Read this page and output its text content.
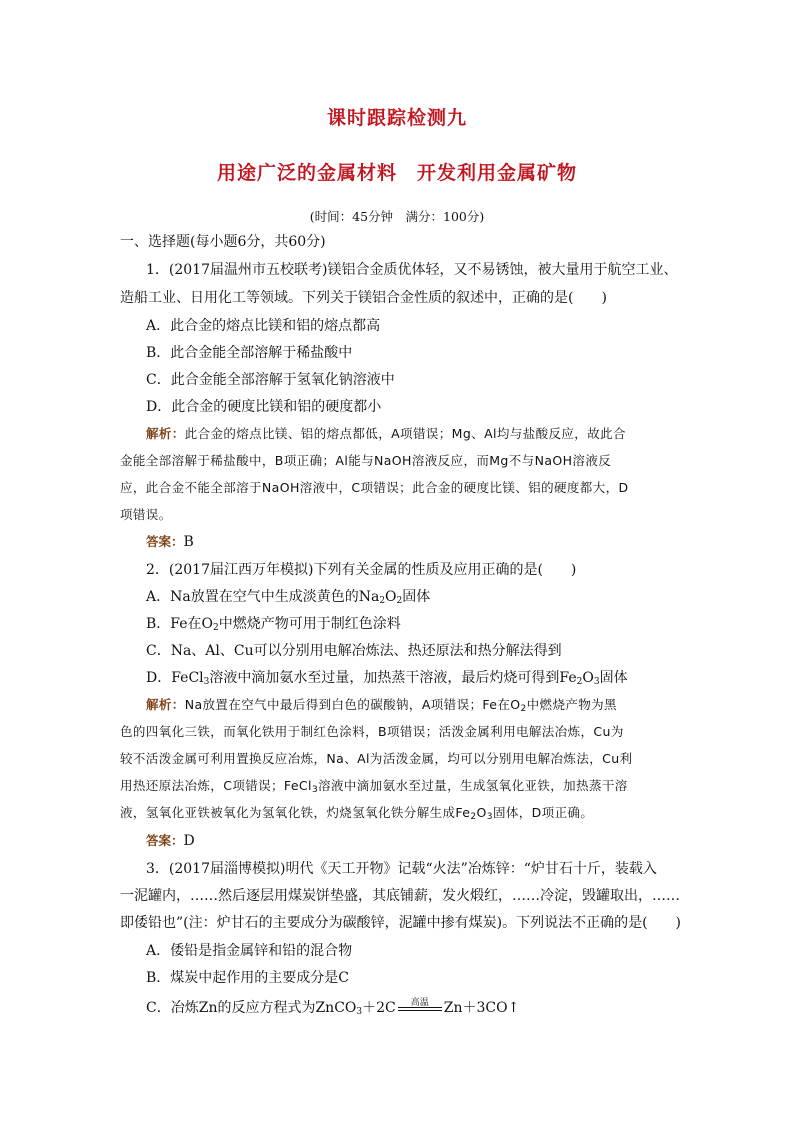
课时跟踪检测九
用途广泛的金属材料　开发利用金属矿物
(时间：45分钟　满分：100分)
一、选择题(每小题6分，共60分)
1．(2017届温州市五校联考)镁铝合金质优体轻，又不易锈蚀，被大量用于航空工业、
造船工业、日用化工等领域。下列关于镁铝合金性质的叙述中，正确的是(　　)
A．此合金的熔点比镁和铝的熔点都高
B．此合金能全部溶解于稀盐酸中
C．此合金能全部溶解于氢氧化钠溶液中
D．此合金的硬度比镁和铝的硬度都小
解析：此合金的熔点比镁、铝的熔点都低，A项错误；Mg、Al均与盐酸反应，故此合
金能全部溶解于稀盐酸中，B项正确；Al能与NaOH溶液反应，而Mg不与NaOH溶液反
应，此合金不能全部溶于NaOH溶液中，C项错误；此合金的硬度比镁、铝的硬度都大，D
项错误。
答案：B
2．(2017届江西万年模拟)下列有关金属的性质及应用正确的是(　　)
A．Na放置在空气中生成淡黄色的$Na_2O_2$固体
B．Fe在$O_2$中燃烧产物可用于制红色涂料
C．Na、Al、Cu可以分别用电解冶炼法、热还原法和热分解法得到
D．FeCl$_3$溶液中滴加氨水至过量，加热蒸干溶液，最后灼烧可得到$Fe_2O_3$固体
解析：Na放置在空气中最后得到白色的碳酸钠，A项错误；Fe在$O_2$中燃烧产物为黑
色的四氧化三铁，而氧化铁用于制红色涂料，B项错误；活泼金属利用电解法冶炼，Cu为
较不活泼金属可利用置换反应冶炼，Na、Al为活泼金属，均可以分别用电解冶炼法，Cu利
用热还原法冶炼，C项错误；FeCl$_3$溶液中滴加氨水至过量，生成氢氧化亚铁，加热蒸干溶
液，氢氧化亚铁被氧化为氢氧化铁，灼烧氢氧化铁分解生成$Fe_2O_3$固体，D项正确。
答案：D
3．(2017届淄博模拟)明代《天工开物》记载“火法”冶炼锌：“炉甘石十斤，装载入
一泥罐内，……然后逐层用煤炭饼垫盛，其底铺薪，发火煅红，……冷淀，毁罐取出，……
即倭铅也”(注：炉甘石的主要成分为碳酸锌，泥罐中掺有煤炭)。下列说法不正确的是(　　)
A．倭铅是指金属锌和铅的混合物
B．煤炭中起作用的主要成分是C
C．冶炼Zn的反应方程式为ZnCO$_3$＋2C	高温	Zn＋3CO↑
